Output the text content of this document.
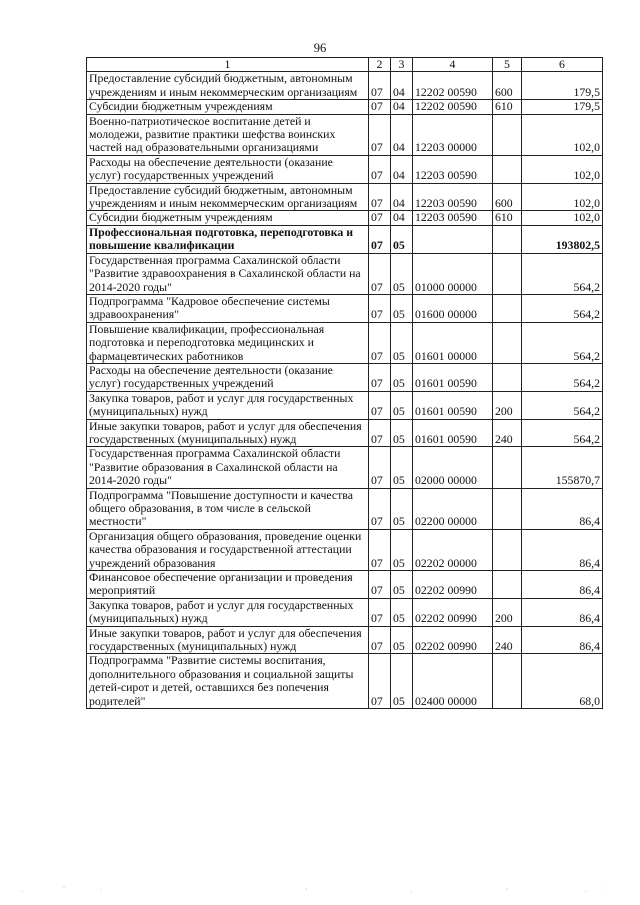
96
1	2	3	4	5	6
Предоставление субсидий бюджетным, автономным учреждениям и иным некоммерческим организациям	07	04	12202 00590	600	179,5
Субсидии бюджетным учреждениям	07	04	12202 00590	610	179,5
Военно-патриотическое воспитание детей и молодежи, развитие практики шефства воинских частей над образовательными организациями	07	04	12203 00000		102,0
Расходы на обеспечение деятельности (оказание услуг) государственных учреждений	07	04	12203 00590		102,0
Предоставление субсидий бюджетным, автономным учреждениям и иным некоммерческим организациям	07	04	12203 00590	600	102,0
Субсидии бюджетным учреждениям	07	04	12203 00590	610	102,0
Профессиональная подготовка, переподготовка и повышение квалификации	07	05			193802,5
Государственная программа Сахалинской области "Развитие здравоохранения в Сахалинской области на 2014-2020 годы"	07	05	01000 00000		564,2
Подпрограмма "Кадровое обеспечение системы здравоохранения"	07	05	01600 00000		564,2
Повышение квалификации, профессиональная подготовка и переподготовка медицинских и фармацевтических работников	07	05	01601 00000		564,2
Расходы на обеспечение деятельности (оказание услуг) государственных учреждений	07	05	01601 00590		564,2
Закупка товаров, работ и услуг для государственных (муниципальных) нужд	07	05	01601 00590	200	564,2
Иные закупки товаров, работ и услуг для обеспечения государственных (муниципальных) нужд	07	05	01601 00590	240	564,2
Государственная программа Сахалинской области "Развитие образования в Сахалинской области на 2014-2020 годы"	07	05	02000 00000		155870,7
Подпрограмма "Повышение доступности и качества общего образования, в том числе в сельской местности"	07	05	02200 00000		86,4
Организация общего образования, проведение оценки качества образования и государственной аттестации учреждений образования	07	05	02202 00000		86,4
Финансовое обеспечение организации и проведения мероприятий	07	05	02202 00990		86,4
Закупка товаров, работ и услуг для государственных (муниципальных) нужд	07	05	02202 00990	200	86,4
Иные закупки товаров, работ и услуг для обеспечения государственных (муниципальных) нужд	07	05	02202 00990	240	86,4
Подпрограмма "Развитие системы воспитания, дополнительного образования и социальной защиты детей-сирот и детей, оставшихся без попечения родителей"	07	05	02400 00000		68,0
